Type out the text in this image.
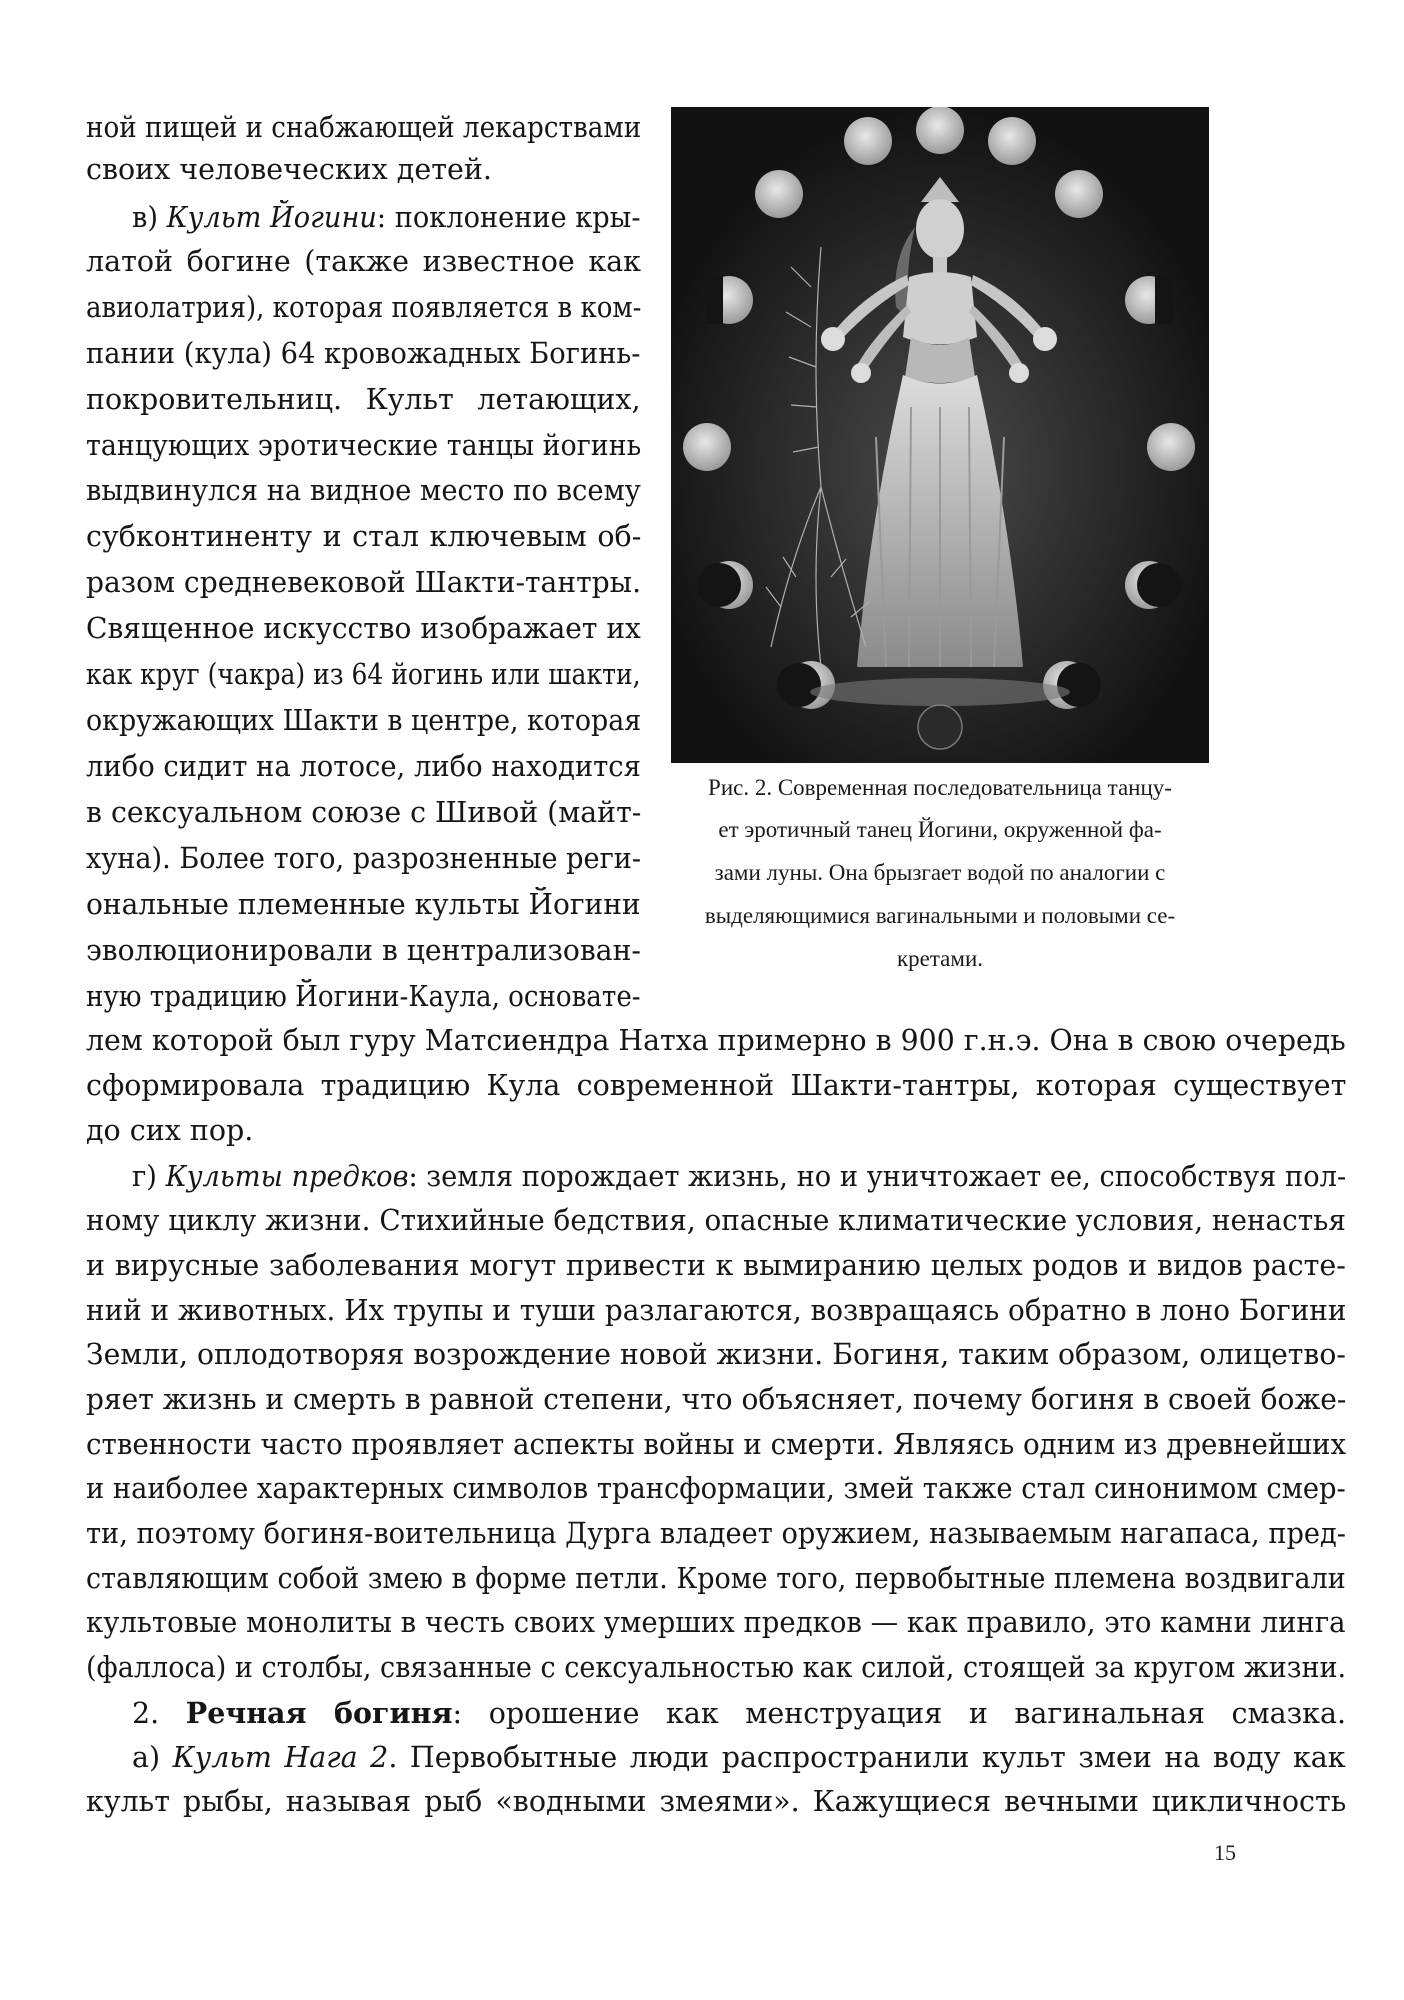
ной пищей и снабжающей лекарствами
своих человеческих детей.
в) Культ Йогини: поклонение кры-
латой богине (также известное как
авиолатрия), которая появляется в ком-
пании (кула) 64 кровожадных Богинь-
покровительниц. Культ летающих,
танцующих эротические танцы йогинь
выдвинулся на видное место по всему
субконтиненту и стал ключевым об-
разом средневековой Шакти-тантры.
Священное искусство изображает их
как круг (чакра) из 64 йогинь или шакти,
окружающих Шакти в центре, которая
либо сидит на лотосе, либо находится
в сексуальном союзе с Шивой (майт-
хуна). Более того, разрозненные реги-
ональные племенные культы Йогини
эволюционировали в централизован-
ную традицию Йогини-Каула, основате-
Рис. 2. Современная последовательница танцу-
ет эротичный танец Йогини, окруженной фа-
зами луны. Она брызгает водой по аналогии с
выделяющимися вагинальными и половыми се-
кретами.
лем которой был гуру Матсиендра Натха примерно в 900 г.н.э. Она в свою очередь
сформировала традицию Кула современной Шакти-тантры, которая существует
до сих пор.
г) Культы предков: земля порождает жизнь, но и уничтожает ее, способствуя пол-
ному циклу жизни. Стихийные бедствия, опасные климатические условия, ненастья
и вирусные заболевания могут привести к вымиранию целых родов и видов расте-
ний и животных. Их трупы и туши разлагаются, возвращаясь обратно в лоно Богини
Земли, оплодотворяя возрождение новой жизни. Богиня, таким образом, олицетво-
ряет жизнь и смерть в равной степени, что объясняет, почему богиня в своей боже-
ственности часто проявляет аспекты войны и смерти. Являясь одним из древнейших
и наиболее характерных символов трансформации, змей также стал синонимом смер-
ти, поэтому богиня-воительница Дурга владеет оружием, называемым нагапаса, пред-
ставляющим собой змею в форме петли. Кроме того, первобытные племена воздвигали
культовые монолиты в честь своих умерших предков — как правило, это камни линга
(фаллоса) и столбы, связанные с сексуальностью как силой, стоящей за кругом жизни.
2. Речная богиня: орошение как менструация и вагинальная смазка.
а) Культ Нага 2. Первобытные люди распространили культ змеи на воду как
культ рыбы, называя рыб «водными змеями». Кажущиеся вечными цикличность
15
